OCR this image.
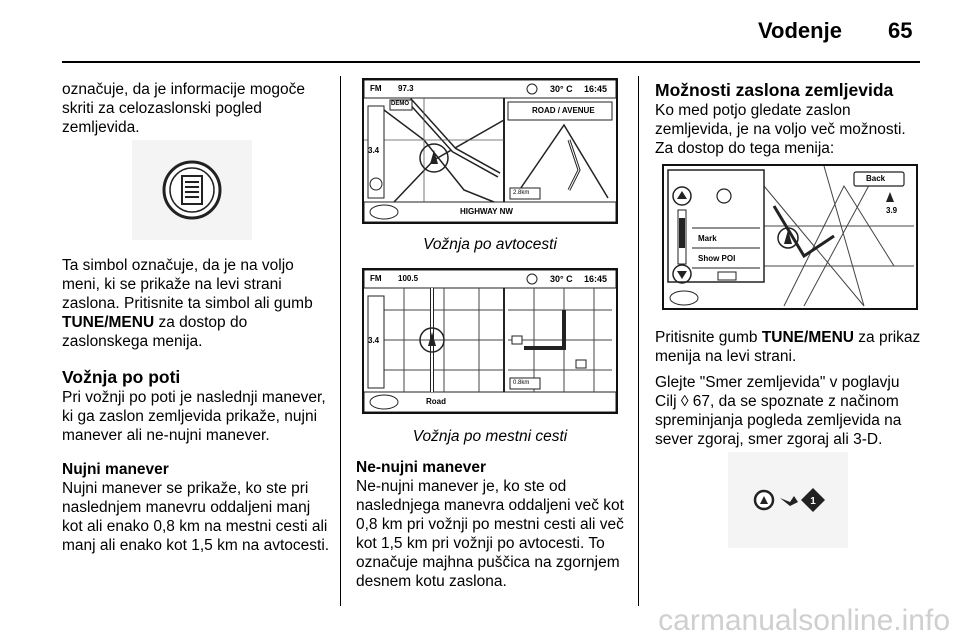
Vodenje 65

označuje, da je informacije mogoče skriti za celozaslonski pogled zemljevida.

Ta simbol označuje, da je na voljo meni, ki se prikaže na levi strani zaslona. Pritisnite ta simbol ali gumb TUNE/MENU za dostop do zaslonskega menija.

Vožnja po poti

Pri vožnji po poti je naslednji manever, ki ga zaslon zemljevida prikaže, nujni manever ali ne-nujni manever.

Nujni manever

Nujni manever se prikaže, ko ste pri naslednjem manevru oddaljeni manj kot ali enako 0,8 km na mestni cesti ali manj ali enako kot 1,5 km na avtocesti.

FM 97.3
DEMO
30° C 16:45
ROAD / AVENUE
3.4
2.8km
HIGHWAY NW
Vožnja po avtocesti
FM 100.5	30° C 16:45
3.4
0.8km
Road
Vožnja po mestni cesti

Ne-nujni manever

Ne-nujni manever je, ko ste od naslednjega manevra oddaljeni več kot 0,8 km pri vožnji po mestni cesti ali več kot 1,5 km pri vožnji po avtocesti. To označuje majhna puščica na zgornjem desnem kotu zaslona.

Možnosti zaslona zemljevida

Ko med potjo gledate zaslon zemljevida, je na voljo več možnosti. Za dostop do tega menija:

Back
Mark
Show POI
3.9

Pritisnite gumb TUNE/MENU za prikaz menija na levi strani.

Glejte "Smer zemljevida" v poglavju Cilj ◊ 67, da se spoznate z načinom spreminjanja pogleda zemljevida na sever zgoraj, smer zgoraj ali 3-D.

1
carmanualsonline.info
